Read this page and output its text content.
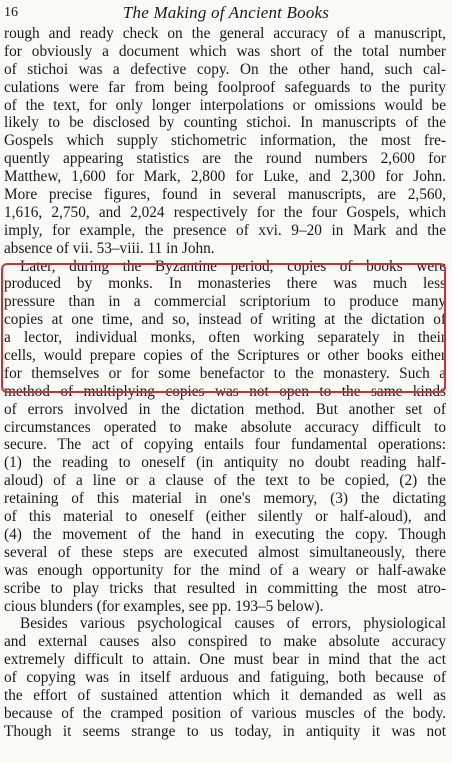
16	The Making of Ancient Books
rough and ready check on the general accuracy of a manuscript,
for obviously a document which was short of the total number
of stichoi was a defective copy. On the other hand, such cal-
culations were far from being foolproof safeguards to the purity
of the text, for only longer interpolations or omissions would be
likely to be disclosed by counting stichoi. In manuscripts of the
Gospels which supply stichometric information, the most fre-
quently appearing statistics are the round numbers 2,600 for
Matthew, 1,600 for Mark, 2,800 for Luke, and 2,300 for John.
More precise figures, found in several manuscripts, are 2,560,
1,616, 2,750, and 2,024 respectively for the four Gospels, which
imply, for example, the presence of xvi. 9–20 in Mark and the
absence of vii. 53–viii. 11 in John.
Later, during the Byzantine period, copies of books were
produced by monks. In monasteries there was much less
pressure than in a commercial scriptorium to produce many
copies at one time, and so, instead of writing at the dictation of
a lector, individual monks, often working separately in their
cells, would prepare copies of the Scriptures or other books either
for themselves or for some benefactor to the monastery. Such a
method of multiplying copies was not open to the same kinds
of errors involved in the dictation method. But another set of
circumstances operated to make absolute accuracy difficult to
secure. The act of copying entails four fundamental operations:
(1) the reading to oneself (in antiquity no doubt reading half-
aloud) of a line or a clause of the text to be copied, (2) the
retaining of this material in one's memory, (3) the dictating
of this material to oneself (either silently or half-aloud), and
(4) the movement of the hand in executing the copy. Though
several of these steps are executed almost simultaneously, there
was enough opportunity for the mind of a weary or half-awake
scribe to play tricks that resulted in committing the most atro-
cious blunders (for examples, see pp. 193–5 below).
Besides various psychological causes of errors, physiological
and external causes also conspired to make absolute accuracy
extremely difficult to attain. One must bear in mind that the act
of copying was in itself arduous and fatiguing, both because of
the effort of sustained attention which it demanded as well as
because of the cramped position of various muscles of the body.
Though it seems strange to us today, in antiquity it was not
